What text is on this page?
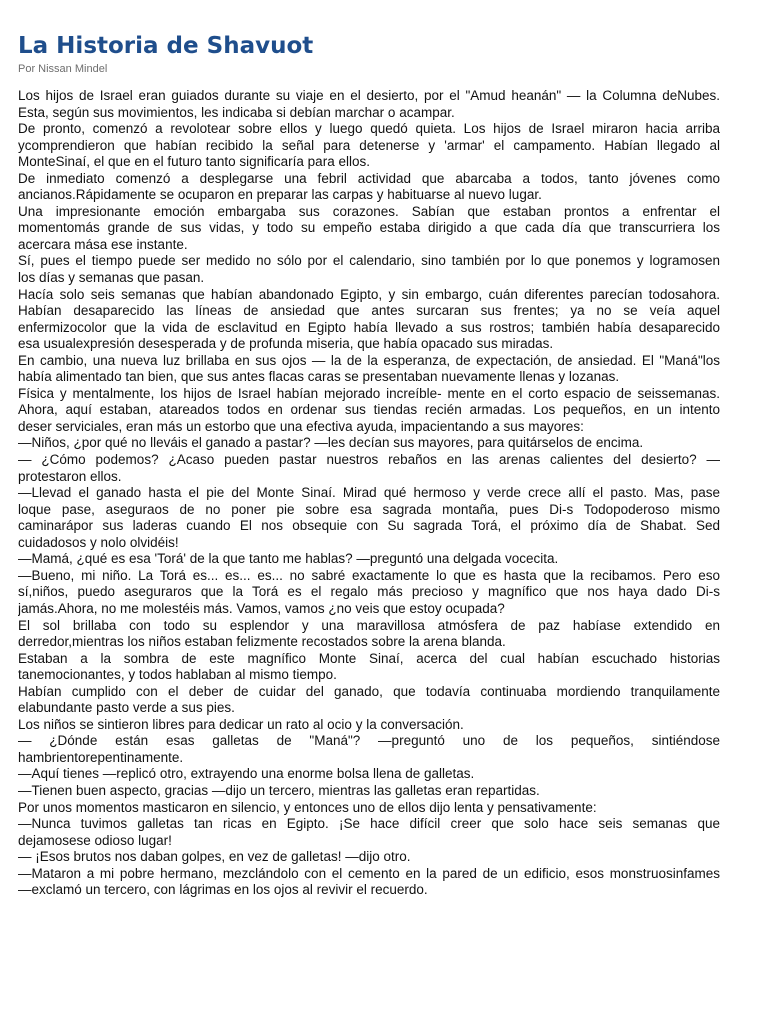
La Historia de Shavuot
Por Nissan Mindel
Los hijos de Israel eran guiados durante su viaje en el desierto, por el "Amud heanán" — la Columna deNubes.
Esta, según sus movimientos, les indicaba si debían marchar o acampar.
De pronto, comenzó a revolotear sobre ellos y luego quedó quieta. Los hijos de Israel miraron hacia arriba
ycomprendieron que habían recibido la señal para detenerse y 'armar' el campamento. Habían llegado al
MonteSinaí, el que en el futuro tanto significaría para ellos.
De inmediato comenzó a desplegarse una febril actividad que abarcaba a todos, tanto jóvenes como
ancianos.Rápidamente se ocuparon en preparar las carpas y habituarse al nuevo lugar.
Una impresionante emoción embargaba sus corazones. Sabían que estaban prontos a enfrentar el
momentomás grande de sus vidas, y todo su empeño estaba dirigido a que cada día que transcurriera los
acercara mása ese instante.
Sí, pues el tiempo puede ser medido no sólo por el calendario, sino también por lo que ponemos y logramosen
los días y semanas que pasan.
Hacía solo seis semanas que habían abandonado Egipto, y sin embargo, cuán diferentes parecían todosahora.
Habían desaparecido las líneas de ansiedad que antes surcaran sus frentes; ya no se veía aquel
enfermizocolor que la vida de esclavitud en Egipto había llevado a sus rostros; también había desaparecido
esa usualexpresión desesperada y de profunda miseria, que había opacado sus miradas.
En cambio, una nueva luz brillaba en sus ojos — la de la esperanza, de expectación, de ansiedad. El "Maná"los
había alimentado tan bien, que sus antes flacas caras se presentaban nuevamente llenas y lozanas.
Física y mentalmente, los hijos de Israel habían mejorado increíble- mente en el corto espacio de seissemanas.
Ahora, aquí estaban, atareados todos en ordenar sus tiendas recién armadas. Los pequeños, en un intento
deser serviciales, eran más un estorbo que una efectiva ayuda, impacientando a sus mayores:
—Niños, ¿por qué no lleváis el ganado a pastar? —les decían sus mayores, para quitárselos de encima.
— ¿Cómo podemos? ¿Acaso pueden pastar nuestros rebaños en las arenas calientes del desierto? —
protestaron ellos.
—Llevad el ganado hasta el pie del Monte Sinaí. Mirad qué hermoso y verde crece allí el pasto. Mas, pase
loque pase, aseguraos de no poner pie sobre esa sagrada montaña, pues Di-s Todopoderoso mismo
caminarápor sus laderas cuando El nos obsequie con Su sagrada Torá, el próximo día de Shabat. Sed
cuidadosos y nolo olvidéis!
—Mamá, ¿qué es esa 'Torá' de la que tanto me hablas? —preguntó una delgada vocecita.
—Bueno, mi niño. La Torá es... es... es... no sabré exactamente lo que es hasta que la recibamos. Pero eso
sí,niños, puedo aseguraros que la Torá es el regalo más precioso y magnífico que nos haya dado Di-s
jamás.Ahora, no me molestéis más. Vamos, vamos ¿no veis que estoy ocupada?
El sol brillaba con todo su esplendor y una maravillosa atmósfera de paz habíase extendido en
derredor,mientras los niños estaban felizmente recostados sobre la arena blanda.
Estaban a la sombra de este magnífico Monte Sinaí, acerca del cual habían escuchado historias
tanemocionantes, y todos hablaban al mismo tiempo.
Habían cumplido con el deber de cuidar del ganado, que todavía continuaba mordiendo tranquilamente
elabundante pasto verde a sus pies.
Los niños se sintieron libres para dedicar un rato al ocio y la conversación.
— ¿Dónde están esas galletas de "Maná"? —preguntó uno de los pequeños, sintiéndose
hambrientorepentinamente.
—Aquí tienes —replicó otro, extrayendo una enorme bolsa llena de galletas.
—Tienen buen aspecto, gracias —dijo un tercero, mientras las galletas eran repartidas.
Por unos momentos masticaron en silencio, y entonces uno de ellos dijo lenta y pensativamente:
—Nunca tuvimos galletas tan ricas en Egipto. ¡Se hace difícil creer que solo hace seis semanas que
dejamosese odioso lugar!
— ¡Esos brutos nos daban golpes, en vez de galletas! —dijo otro.
—Mataron a mi pobre hermano, mezclándolo con el cemento en la pared de un edificio, esos monstruosinfames
—exclamó un tercero, con lágrimas en los ojos al revivir el recuerdo.
